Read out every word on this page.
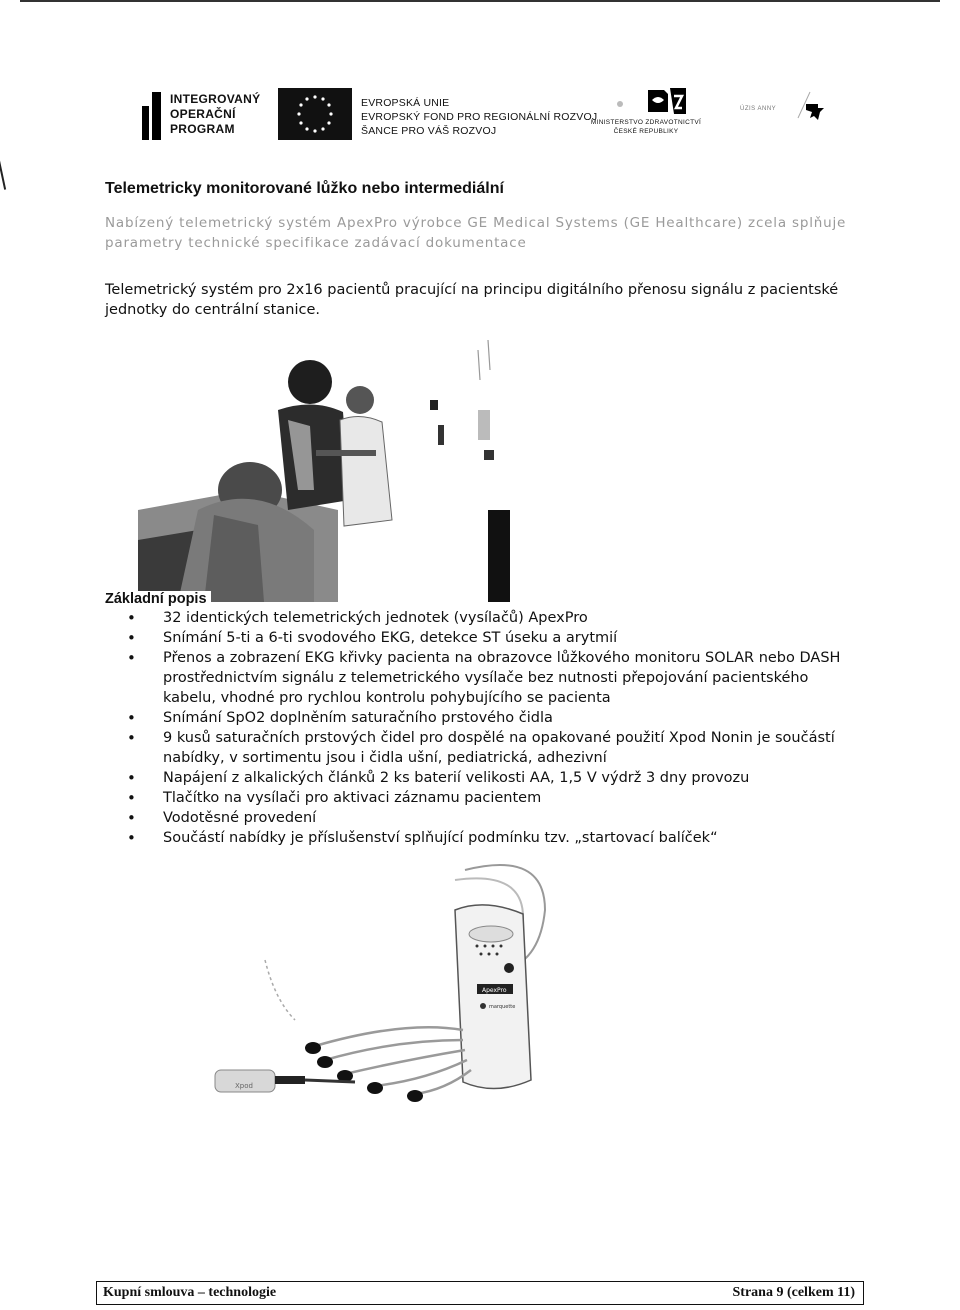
INTEGROVANÝ
OPERAČNÍ
PROGRAM
EVROPSKÁ UNIE
EVROPSKÝ FOND PRO REGIONÁLNÍ ROZVOJ
ŠANCE PRO VÁŠ ROZVOJ
MINISTERSTVO ZDRAVOTNICTVÍ
ČESKÉ REPUBLIKY
ÚZIS ANNY
Telemetricky monitorované lůžko nebo intermediální
Nabízený telemetrický systém ApexPro výrobce GE Medical Systems (GE Healthcare) zcela splňuje parametry technické specifikace zadávací dokumentace
Telemetrický systém pro 2x16 pacientů pracující na principu digitálního přenosu signálu z pacientské jednotky do centrální stanice.
Základní popis
• 32 identických telemetrických jednotek (vysílačů) ApexPro
• Snímání 5-ti a 6-ti svodového EKG, detekce ST úseku a arytmií
• Přenos a zobrazení EKG křivky pacienta na obrazovce lůžkového monitoru SOLAR nebo DASH prostřednictvím signálu z telemetrického vysílače bez nutnosti přepojování pacientského kabelu, vhodné pro rychlou kontrolu pohybujícího se pacienta
• Snímání SpO2 doplněním saturačního prstového čidla
• 9 kusů saturačních prstových čidel pro dospělé na opakované použití Xpod Nonin je součástí nabídky, v sortimentu jsou i čidla ušní, pediatrická, adhezivní
• Napájení z alkalických článků 2 ks baterií velikosti AA, 1,5 V výdrž 3 dny provozu
• Tlačítko na vysílači pro aktivaci záznamu pacientem
• Vodotěsné provedení
• Součástí nabídky je příslušenství splňující podmínku tzv. „startovací balíček“
ApexPro
marquette
Xpod
Kupní smlouva – technologie	Strana 9 (celkem 11)
